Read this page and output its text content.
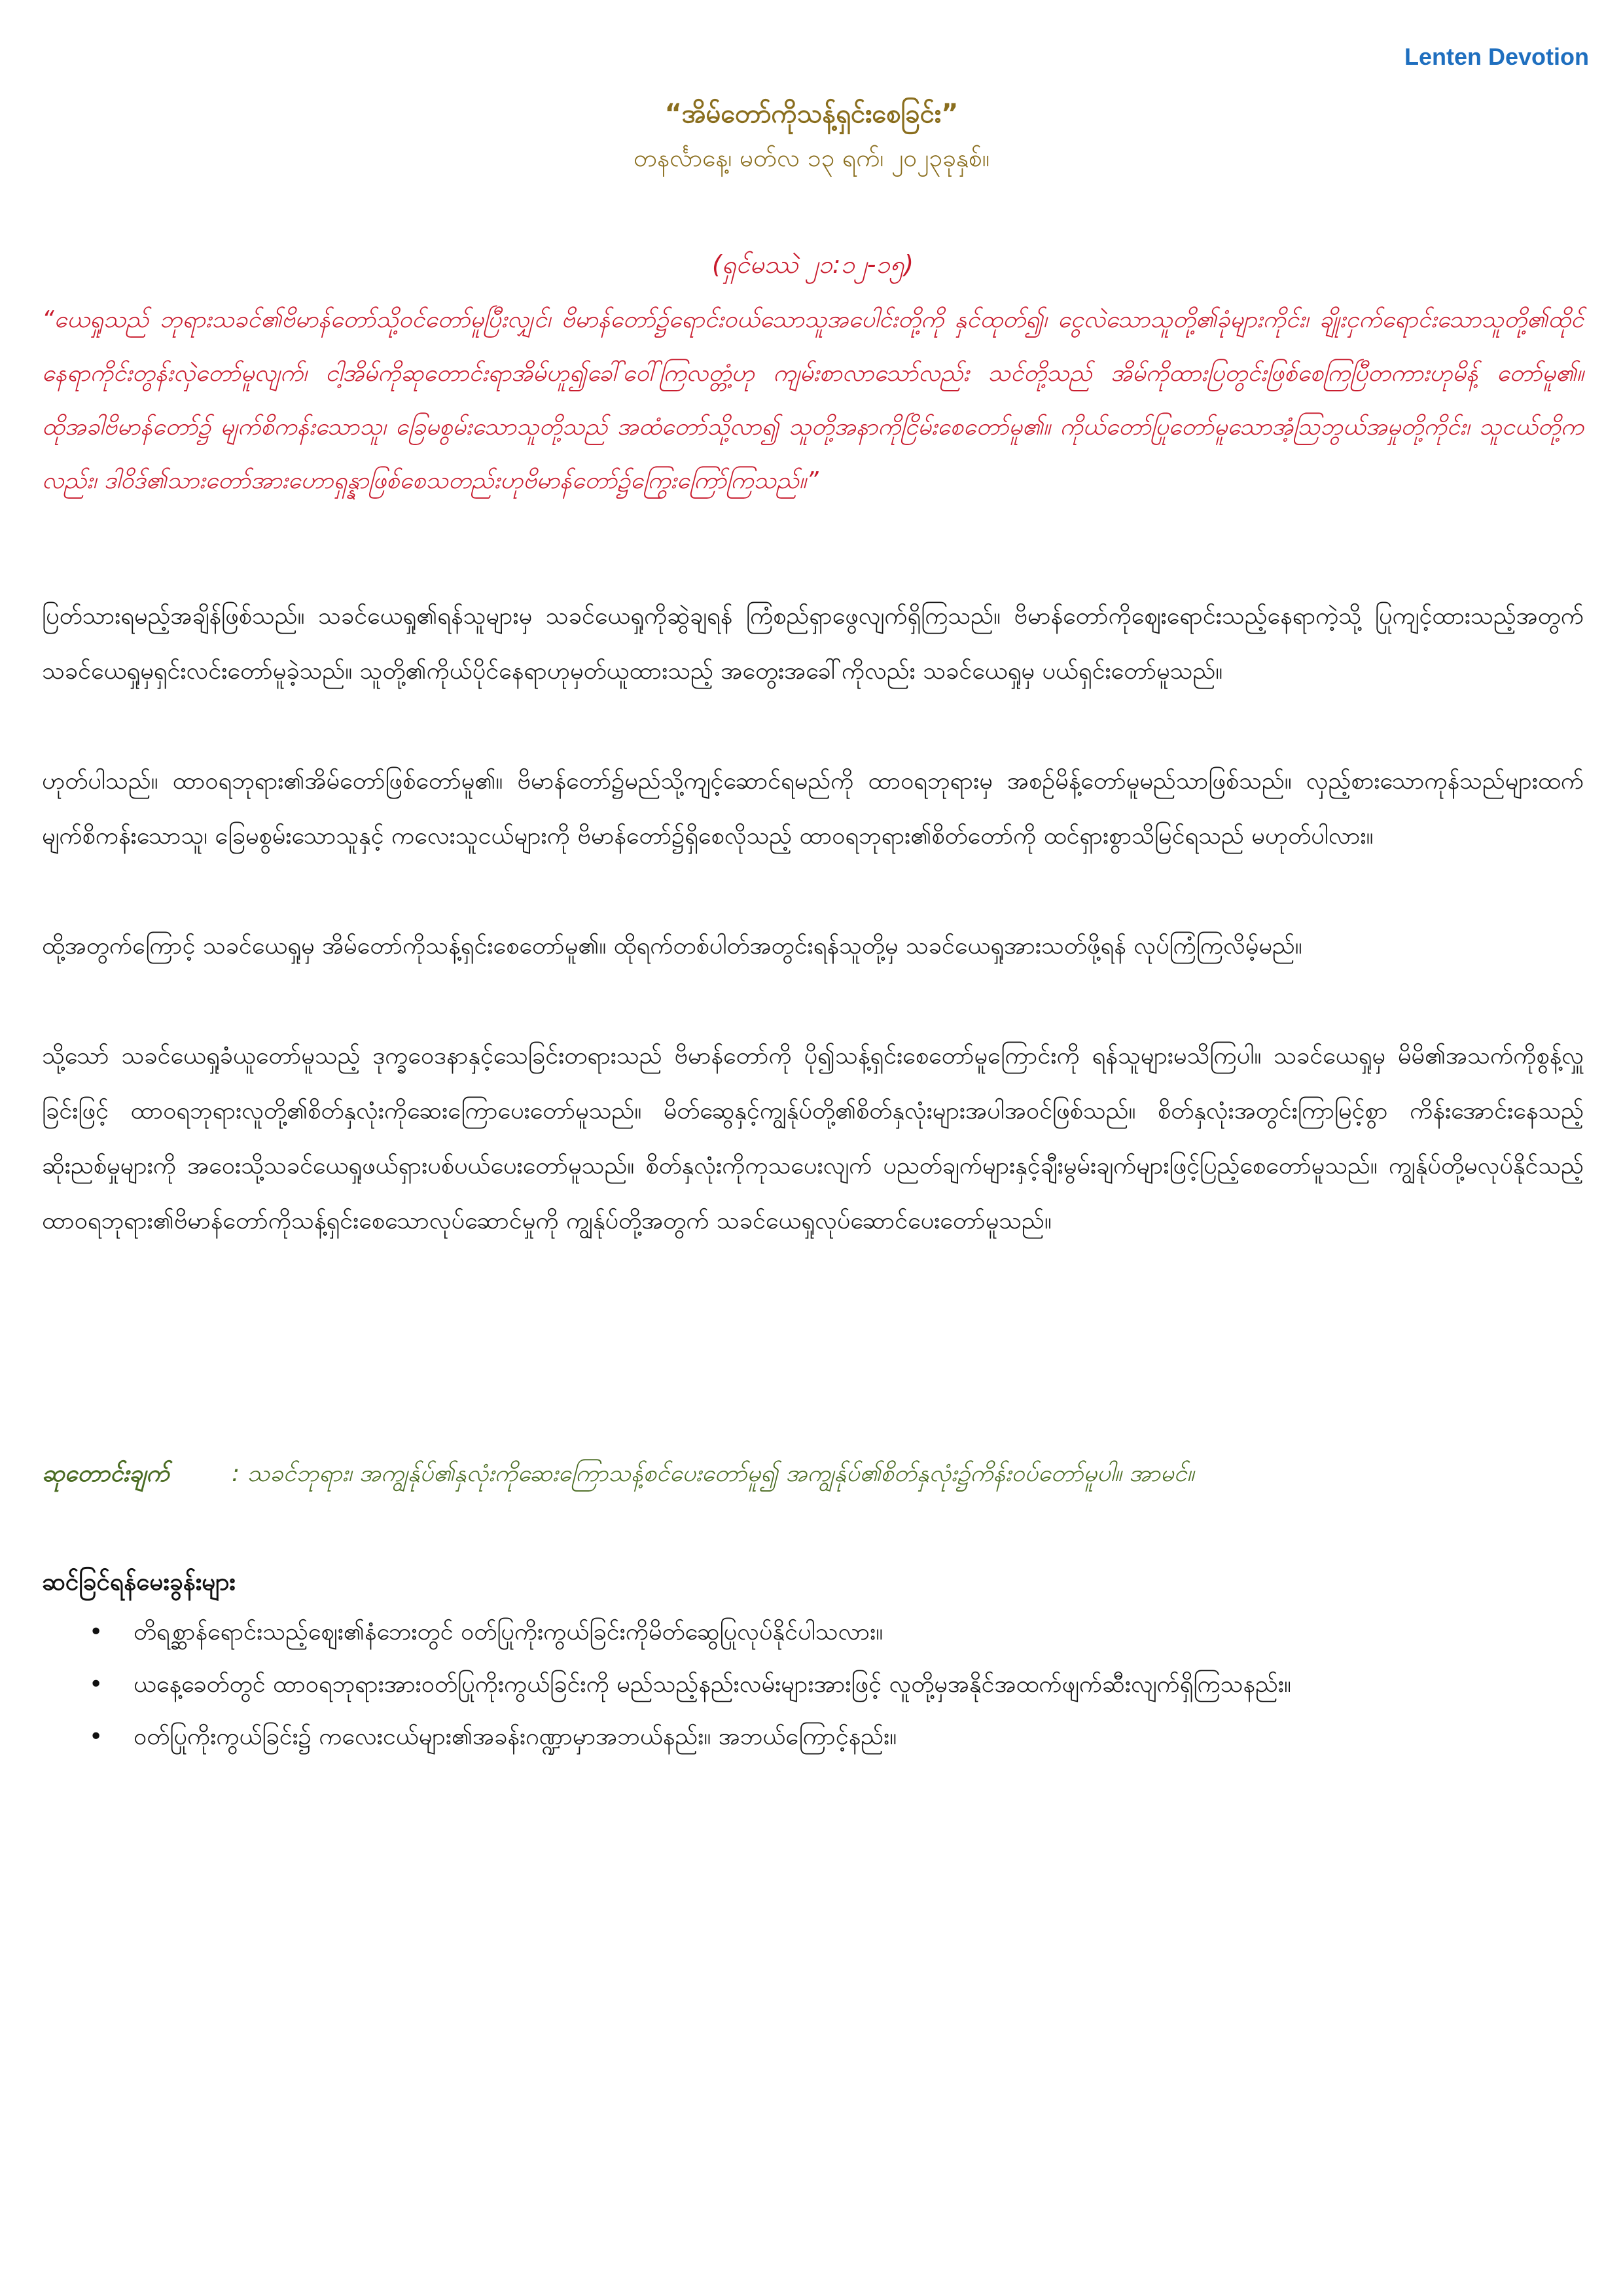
Lenten Devotion

“အိမ်တော်ကိုသန့်ရှင်းစေခြင်း”

တနင်္လာနေ့၊ မတ်လ ၁၃ ရက်၊ ၂၀၂၃ခုနှစ်။

(ရှင်မဿဲ ၂၁:၁၂-၁၅)

“ယေရှုသည် ဘုရားသခင်၏ဗိမာန်တော်သို့ဝင်တော်မူပြီးလျှင်၊ ဗိမာန်တော်၌ရောင်းဝယ်သောသူအပေါင်းတို့ကို နှင်ထုတ်၍၊ ငွေလဲသောသူတို့၏ခုံများကိုင်း၊ ချိုးငှက်ရောင်းသောသူတို့၏ထိုင်နေရာကိုင်းတွန်းလှဲတော်မူလျက်၊ ငါ့အိမ်ကိုဆုတောင်းရာအိမ်ဟူ၍ခေါ်ဝေါ်ကြလတ္တံ့ဟု ကျမ်းစာလာသော်လည်း သင်တို့သည် အိမ်ကိုထားပြတွင်းဖြစ်စေကြပြီတကားဟုမိန့် တော်မူ၏။ ထိုအခါဗိမာန်တော်၌ မျက်စိကန်းသောသူ၊ ခြေမစွမ်းသောသူတို့သည် အထံတော်သို့လာ၍ သူတို့အနာကိုငြိမ်းစေတော်မူ၏။ ကိုယ်တော်ပြုတော်မူသောအံ့ဩဘွယ်အမှုတို့ကိုင်း၊ သူငယ်တို့ကလည်း၊ ဒါဝိဒ်၏သားတော်အားဟောရှန္နာဖြစ်စေသတည်းဟုဗိမာန်တော်၌ကြွေးကြော်ကြသည်။”

ပြတ်သားရမည့်အချိန်ဖြစ်သည်။ သခင်ယေရှု၏ရန်သူများမှ သခင်ယေရှုကိုဆွဲချရန် ကြံစည်ရှာဖွေလျက်ရှိကြသည်။ ဗိမာန်တော်ကိုဈေးရောင်းသည့်နေရာကဲ့သို့ ပြုကျင့်ထားသည့်အတွက် သခင်ယေရှုမှရှင်းလင်းတော်မူခဲ့သည်။ သူတို့၏ကိုယ်ပိုင်နေရာဟုမှတ်ယူထားသည့် အတွေးအခေါ်ကိုလည်း သခင်ယေရှုမှ ပယ်ရှင်းတော်မူသည်။

ဟုတ်ပါသည်။ ထာဝရဘုရား၏အိမ်တော်ဖြစ်တော်မူ၏။ ဗိမာန်တော်၌မည်သို့ကျင့်ဆောင်ရမည်ကို ထာဝရဘုရားမှ အစဉ်မိန့်တော်မူမည်သာဖြစ်သည်။ လှည့်စားသောကုန်သည်များထက် မျက်စိကန်းသောသူ၊ ခြေမစွမ်းသောသူနှင့် ကလေးသူငယ်များကို ဗိမာန်တော်၌ရှိစေလိုသည့် ထာဝရဘုရား၏စိတ်တော်ကို ထင်ရှားစွာသိမြင်ရသည် မဟုတ်ပါလား။

ထို့အတွက်ကြောင့် သခင်ယေရှုမှ အိမ်တော်ကိုသန့်ရှင်းစေတော်မူ၏။ ထိုရက်တစ်ပါတ်အတွင်းရန်သူတို့မှ သခင်ယေရှုအားသတ်ဖို့ရန် လုပ်ကြံကြလိမ့်မည်။

သို့သော် သခင်ယေရှုခံယူတော်မူသည့် ဒုက္ခဝေဒနာနှင့်သေခြင်းတရားသည် ဗိမာန်တော်ကို ပို၍သန့်ရှင်းစေတော်မူကြောင်းကို ရန်သူများမသိကြပါ။ သခင်ယေရှုမှ မိမိ၏အသက်ကိုစွန့်လှူခြင်းဖြင့် ထာဝရဘုရားလူတို့၏စိတ်နှလုံးကိုဆေးကြောပေးတော်မူသည်။ မိတ်ဆွေနှင့်ကျွန်ုပ်တို့၏စိတ်နှလုံးများအပါအဝင်ဖြစ်သည်။ စိတ်နှလုံးအတွင်းကြာမြင့်စွာ ကိန်းအောင်းနေသည့်ဆိုးညစ်မှုများကို အဝေးသို့သခင်ယေရှုဖယ်ရှားပစ်ပယ်ပေးတော်မူသည်။ စိတ်နှလုံးကိုကုသပေးလျက် ပညတ်ချက်များနှင့်ချီးမွမ်းချက်များဖြင့်ပြည့်စေတော်မူသည်။ ကျွန်ုပ်တို့မလုပ်နိုင်သည့် ထာဝရဘုရား၏ဗိမာန်တော်ကိုသန့်ရှင်းစေသောလုပ်ဆောင်မှုကို ကျွန်ုပ်တို့အတွက် သခင်ယေရှုလုပ်ဆောင်ပေးတော်မူသည်။

ဆုတောင်းချက်	: သခင်ဘုရား၊ အကျွန်ုပ်၏နှလုံးကိုဆေးကြောသန့်စင်ပေးတော်မူ၍ အကျွန်ုပ်၏စိတ်နှလုံး၌ကိန်းဝပ်တော်မူပါ။ အာမင်။

ဆင်ခြင်ရန်မေးခွန်းများ

• တိရစ္ဆာန်ရောင်းသည့်ဈေး၏နံဘေးတွင် ဝတ်ပြုကိုးကွယ်ခြင်းကိုမိတ်ဆွေပြုလုပ်နိုင်ပါသလား။
• ယနေ့ခေတ်တွင် ထာဝရဘုရားအားဝတ်ပြုကိုးကွယ်ခြင်းကို မည်သည့်နည်းလမ်းများအားဖြင့် လူတို့မှအနိုင်အထက်ဖျက်ဆီးလျက်ရှိကြသနည်း။
• ဝတ်ပြုကိုးကွယ်ခြင်း၌ ကလေးငယ်များ၏အခန်းဂဏ္ဍာမှာအဘယ်နည်း။ အဘယ်ကြောင့်နည်း။
